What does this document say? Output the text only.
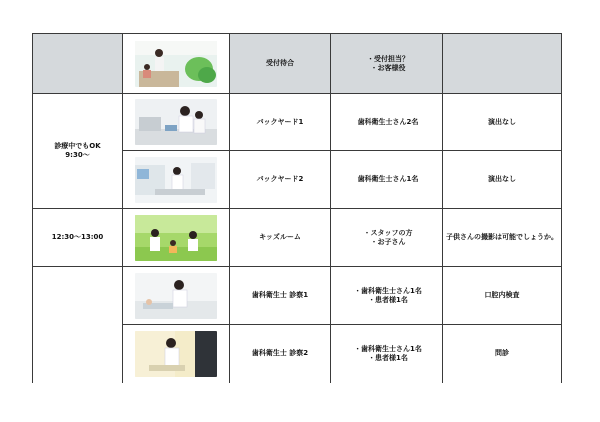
	受付待合	・受付担当？
・お客様役	

診療中でもOK
9:30～		バックヤード1	歯科衛生士さん2名	演出なし

	バックヤード2	歯科衛生士さん1名	演出なし
12:30～13:00		キッズルーム	・スタッフの方
・お子さん	子供さんの撮影は可能でしょうか。

	歯科衛生士 診察1	・歯科衛生士さん1名
・患者様1名	口腔内検査

	歯科衛生士 診察2	・歯科衛生士さん1名
・患者様1名	問診
